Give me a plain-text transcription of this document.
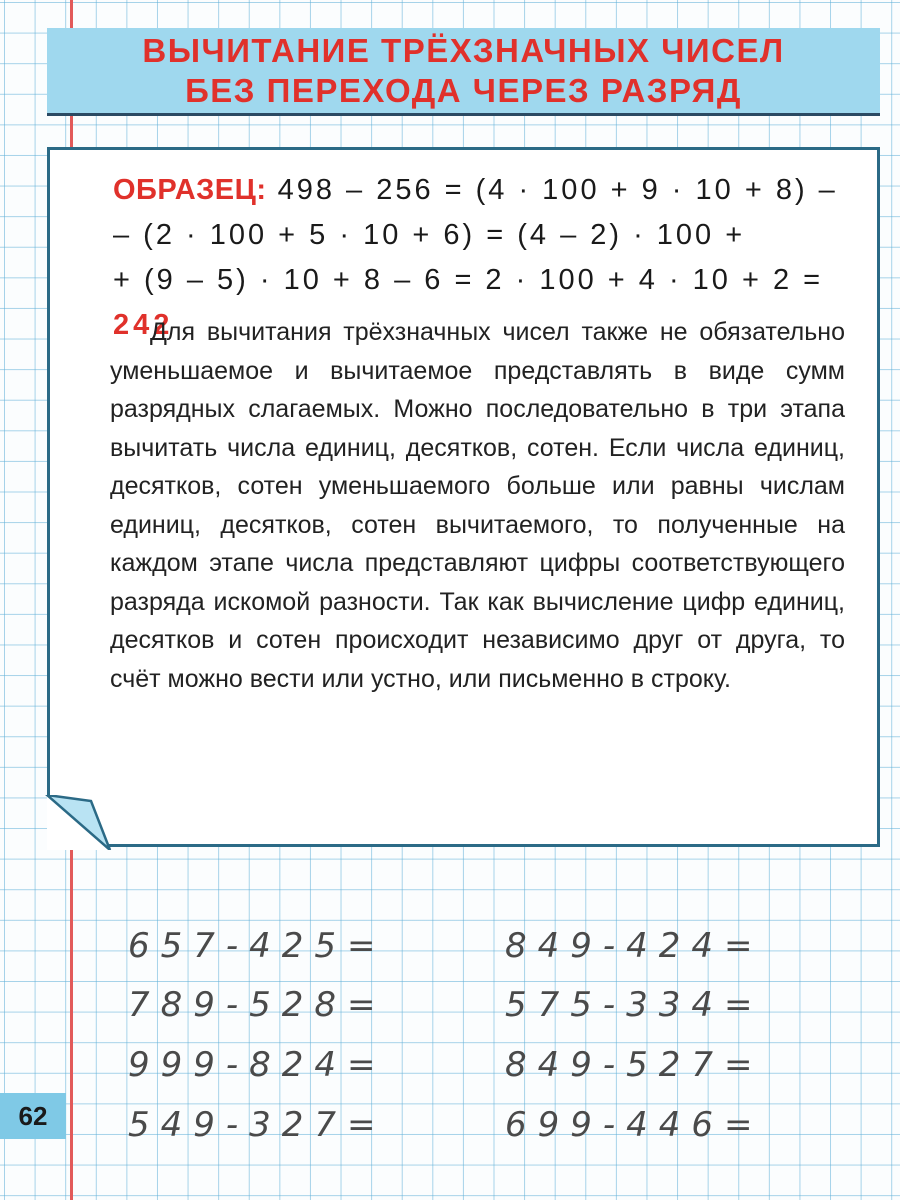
ВЫЧИТАНИЕ ТРЁХЗНАЧНЫХ ЧИСЕЛ
БЕЗ ПЕРЕХОДА ЧЕРЕЗ РАЗРЯД
ОБРАЗЕЦ: 498 – 256 = (4 · 100 + 9 · 10 + 8) –
– (2 · 100 + 5 · 10 + 6) = (4 – 2) · 100 +
+ (9 – 5) · 10 + 8 – 6 = 2 · 100 + 4 · 10 + 2 = 242

Для вычитания трёхзначных чисел также не обязательно уменьшаемое и вычитаемое представлять в виде сумм разрядных слагаемых. Можно последовательно в три этапа вычитать числа единиц, десятков, сотен. Если числа единиц, десятков, сотен уменьшаемого больше или равны числам единиц, десятков, сотен вычитаемого, то полученные на каждом этапе числа представляют цифры соответствующего разряда искомой разности. Так как вычисление цифр единиц, десятков и сотен происходит независимо друг от друга, то счёт можно вести или устно, или письменно в строку.

657-425=
789-528=
999-824=
549-327=
849-424=
575-334=
849-527=
699-446=
62
